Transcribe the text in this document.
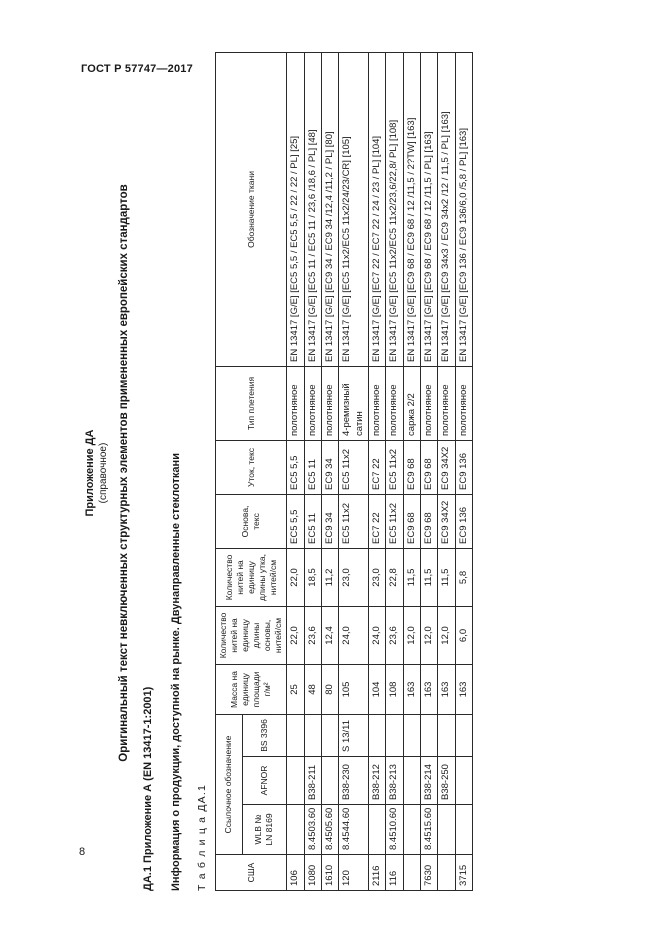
ГОСТ Р 57747—2017
Приложение ДА (справочное) Оригинальный текст невключенных структурных элементов примененных европейских стандартов
ДА.1 Приложение А (EN 13417-1:2001) Информация о продукции, доступной на рынке. Двунаправленные стеклоткани Т а б л и ц а ДА.1	США	Ссылочное обозначение			Масса на единицу площади г/м²	Количество нитей на единицу длины основы, нитей/см	Количество нитей на единицу длины утка, нитей/см	Основа, текс	Уток, текс	Тип плетения	Обозначение ткани
	WLB № LN 8169	AFNOR	BS 3396							
106				25	22,0	22,0	EC5 5,5	EC5 5,5	полотняное	EN 13417 [G/E] [EC5 5,5 / EC5 5,5 / 22 / 22 / PL] [25]
1080	8.4503.60	B38-211		48	23,6	18,5	EC5 11	EC5 11	полотняное	EN 13417 [G/E] [EC5 11 / EC5 11 / 23,6 /18,6 / PL] [48]
1610	8.4505.60			80	12,4	11,2	EC9 34	EC9 34	полотняное	EN 13417 [G/E] [EC9 34 / EC9 34 /12,4 /11,2 / PL] [80]
120	8.4544.60	B38-230	S 13/11	105	24,0	23,0	EC5 11x2	EC5 11x2	4-ремизный сатин	EN 13417 [G/E] [EC5 11x2/EC5 11x2/24/23/CR] [105]
2116		B38-212		104	24,0	23,0	EC7 22	EC7 22	полотняное	EN 13417 [G/E] [EC7 22 / EC7 22 / 24 / 23 / PL] [104]
116	8.4510.60	B38-213		108	23,6	22,8	EC5 11x2	EC5 11x2	полотняное	EN 13417 [G/E] [EC5 11x2/EC5 11x2/23,6/22,8/ PL] [108]
				163	12,0	11,5	EC9 68	EC9 68	саржа 2/2	EN 13417 [G/E] [EC9 68 / EC9 68 / 12 /11,5 / 2?TW] [163]
7630	8.4515.60	B38-214		163	12,0	11,5	EC9 68	EC9 68	полотняное	EN 13417 [G/E] [EC9 68 / EC9 68 / 12 /11,5 / PL] [163]
		B38-250		163	12,0	11,5	EC9 34X2	EC9 34X2	полотняное	EN 13417 [G/E] [EC9 34x3 / EC9 34x2 /12 / 11,5 / PL] [163]
3715				163	6,0	5,8	EC9 136	EC9 136	полотняное	EN 13417 [G/E] [EC9 136 / EC9 136/6,0 /5,8 / PL] [163]
8
